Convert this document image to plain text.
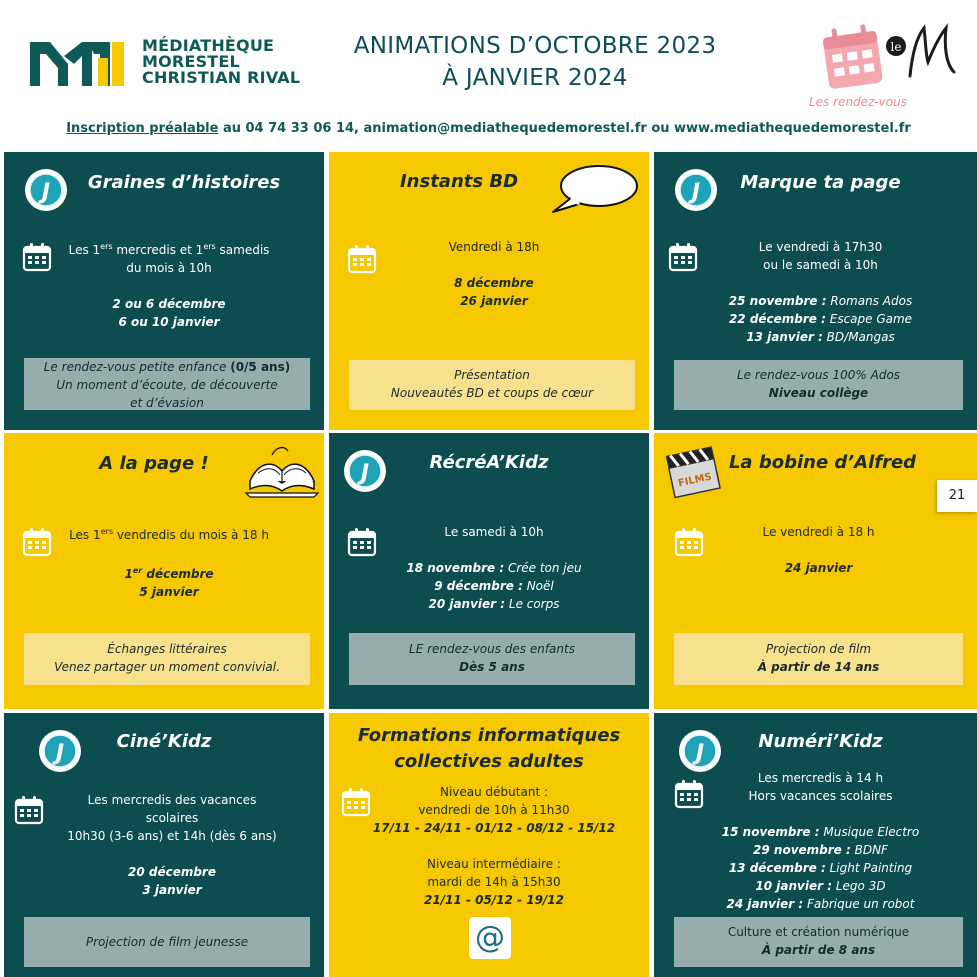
MÉDIATHÈQUE
MORESTEL
CHRISTIAN RIVAL
ANIMATIONS D’OCTOBRE 2023
À JANVIER 2024
le
Les rendez-vous
Inscription préalable au 04 74 33 06 14, animation@mediathequedemorestel.fr ou www.mediathequedemorestel.fr
J	Graines d’histoires
Les 1ers mercredis et 1ers samedis
du mois à 10h
2 ou 6 décembre
6 ou 10 janvier
Le rendez-vous petite enfance (0/5 ans)
Un moment d’écoute, de découverte
et d’évasion
Instants BD
Vendredi à 18h
8 décembre
26 janvier
Présentation
Nouveautés BD et coups de cœur
J	Marque ta page
Le vendredi à 17h30
ou le samedi à 10h
25 novembre : Romans Ados
22 décembre : Escape Game
13 janvier : BD/Mangas
Le rendez-vous 100% Ados
Niveau collège
A la page !
Les 1ers vendredis du mois à 18 h
1er décembre
5 janvier
Échanges littéraires
Venez partager un moment convivial.
J	RécréA’Kidz
Le samedi à 10h
18 novembre : Crée ton jeu
9 décembre : Noël
20 janvier : Le corps
LE rendez-vous des enfants
Dès 5 ans
FILMS
La bobine d’Alfred
Le vendredi à 18 h
24 janvier
Projection de film
À partir de 14 ans
J	Ciné’Kidz
Les mercredis des vacances
scolaires
10h30 (3-6 ans) et 14h (dès 6 ans)
20 décembre
3 janvier
Projection de film jeunesse
Formations informatiques
collectives adultes
Niveau débutant :
vendredi de 10h à 11h30
17/11 - 24/11 - 01/12 - 08/12 - 15/12
Niveau intermédiaire :
mardi de 14h à 15h30
21/11 - 05/12 - 19/12
@
J	Numéri’Kidz
Les mercredis à 14 h
Hors vacances scolaires
15 novembre : Musique Electro
29 novembre : BDNF
13 décembre : Light Painting
10 janvier : Lego 3D
24 janvier : Fabrique un robot
Culture et création numérique
À partir de 8 ans
21
